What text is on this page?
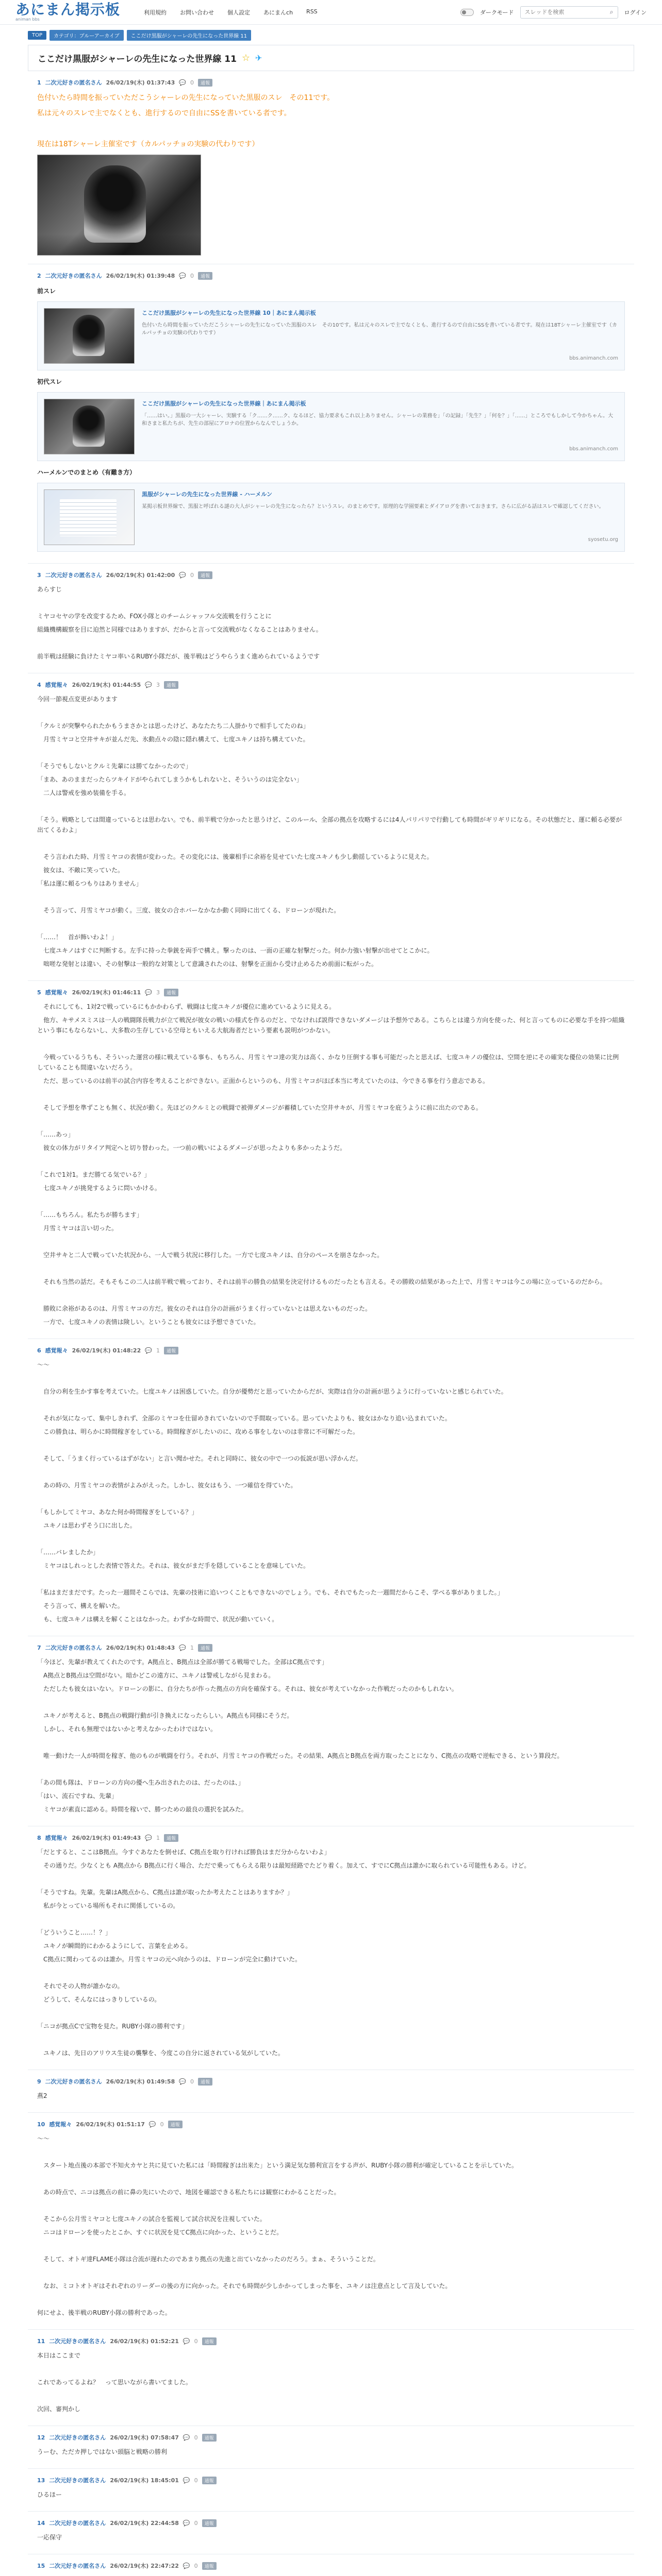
あにまん掲示板
animan bbs
利用規約 お問い合わせ 個人設定 あにまんch RSS	ダークモード
スレッドを検索	⌕ ログイン
TOP	カテゴリ：ブルーアーカイブ	ここだけ黒服がシャーレの先生になった世界線 11
ここだけ黒服がシャーレの先生になった世界線 11 ☆ ✈
1 二次元好きの匿名さん 26/02/19(木) 01:37:43 💬 0	通報

色付いたら時間を振っていただこうシャーレの先生になっていた黒服のスレ　その11です。

私は元々のスレで主でなくとも、進行するので自由にSSを書いている者です。

現在は18Tシャーレ主催室です（カルパッチョの実験の代わりです）

2 二次元好きの匿名さん 26/02/19(木) 01:39:48 💬 0	通報
前スレ
ここだけ黒服がシャーレの先生になった世界線 10｜あにまん掲示板
色付いたら時間を振っていただこうシャーレの先生になっていた黒服のスレ　その10です。私は元々のスレで主でなくとも、進行するので自由にSSを書いている者です。現在は18Tシャーレ主催室です（カルパッチョの実験の代わりです）
bbs.animanch.com
初代スレ
ここだけ黒服がシャーレの先生になった世界線｜あにまん掲示板
「……はい。」黒服の一大シャーレ、実験する「ク……ク……ク、なるほど、協力要求もこれ以上ありません。シャーレの業務を」「の記録」「先生？」「何を？」「……」ところでもしかして今かちゃん。大和さまと私たちが、先生の部屋にアロナの位置からなんでしょうか。
bbs.animanch.com
ハーメルンでのまとめ（有難き方）
黒服がシャーレの先生になった世界線 - ハーメルン
某掲示板世界線で、黒服と呼ばれる謎の大人がシャーレの先生になったら？というスレ。のまとめです。原理的な学園要素とダイアログを書いておきます。さらに広がる話はスレで確認してください。
syosetu.org
3 二次元好きの匿名さん 26/02/19(木) 01:42:00 💬 0	通報

あらすじ

ミヤコセヤの学を改変するため、FOX小隊とのチームシャッフル交流戦を行うことに

組織機構観察を目に迫然と同様ではありますが、だからと言って交流戦がなくなることはありません。

前半戦は経験に負けたミヤコ率いるRUBY小隊だが、後半戦はどうやらうまく進められているようです

4 感覚報々 26/02/19(木) 01:44:55 💬 3	通報

今回一節視点変更があります

「クルミが突撃やられたかもうまさかとは思ったけど、あなたたち二人掛かりで相手してたのね」

　月雪ミヤコと空井サキが並んだ先、氷動点々の陰に隠れ構えて、七度ユキノは持ち構えていた。

「そうでもしないとクルミ先輩には勝てなかったので」

「まあ、あのままだったらツキイドがやられてしまうかもしれないと、そういうのは完全ない」

　二人は警戒を強め装備を手る。

「そう。戦略としては間違っているとは思わない。でも、前半戦で分かったと思うけど、このルール、全部の拠点を攻略するには4人パリパリで行動しても時間がギリギリになる。その状態だと、運に頼る必要が出てくるわよ」

　そう言われた時、月雪ミヤコの表情が変わった。その変化には、後輩相手に余裕を見せていた七度ユキノも少し動揺しているように見えた。

　彼女は、不敵に笑っていた。

「私は運に頼るつもりはありません」

　そう言って、月雪ミヤコが動く。三度、彼女の合ホバーなかなか動く同時に出てくる、ドローンが現れた。

「……！　首が飾いわよ！」

　七度ユキノはすぐに判断する。左手に持った拳銃を両手で構え。撃ったのは、一面の正確な射撃だった。何か力強い射撃が出せてとこかに。

　咄嗟な発射とは違い、その射撃は一般的な対策として意識されたのは、射撃を正面から受け止めるため前面に転がった。

5 感覚報々 26/02/19(木) 01:46:11 💬 3	通報

　それにしても、1対2で戦っているにもかかわらず、戦闘は七度ユキノが優位に進めているように見える。

　他方、キサメスミスは一人の戦闘隊長戦力が立て戦況が彼女の戦いの様式を作るのだと、でなければ説得できないダメージは予想外である。こちらとは違う方向を使った、何と言ってものに必要な手を持つ組織という事にもならないし、大多数の生存している空母ともいえる大航海者だという要素も説明がつかない。

　今戦っているうちも、そういった運営の様に戦えている事も、もちろん、月雪ミヤコ達の実力は高く、かなり圧倒する事も可能だったと思えば、七度ユキノの優位は、空間を逆にその確実な優位の効果に比例していることも間違いないだろう。

　ただ、思っているのは前半の試合内容を考えることができない。正面からというのも、月雪ミヤコがほぼ本当に考えていたのは、今できる事を行う意志である。

　そして予想を準ずことも無く、状況が動く。先ほどのクルミとの戦闘で被弾ダメージが蓄積していた空井サキが、月雪ミヤコを庇うように前に出たのである。

「……あっ」

　彼女の体力がリタイア判定へと切り替わった。一つ前の戦いによるダメージが思ったよりも多かったようだ。

「これで1対1。まだ勝てる気でいる？」

　七度ユキノが挑発するように問いかける。

「……もちろん。私たちが勝ちます」

　月雪ミヤコは言い切った。

　空井サキと二人で戦っていた状況から、一人で戦う状況に移行した。一方で七度ユキノは、自分のペースを崩さなかった。

　それも当然の話だ。そもそもこの二人は前半戦で戦っており、それは前半の勝負の結果を決定付けるものだったとも言える。その勝敗の結果があった上で、月雪ミヤコは今この場に立っているのだから。

　勝敗に余裕があるのは、月雪ミヤコの方だ。彼女のそれは自分の計画がうまく行っていないとは思えないものだった。

　一方で、七度ユキノの表情は険しい。ということも彼女には予想できていた。

6 感覚報々 26/02/19(木) 01:48:22 💬 1	通報

～～

　自分の利を生かす事を考えていた。七度ユキノは困惑していた。自分が優勢だと思っていたからだが、実際は自分の計画が思うように行っていないと感じられていた。

　それが気になって、集中しきれず、全部のミヤコを仕留めきれていないので手間取っている。思っていたよりも、彼女はかなり追い込まれていた。

　この勝負は、明らかに時間稼ぎをしている。時間稼ぎがしたいのに、攻める事をしないのは非常に不可解だった。

　そして、「うまく行っているはずがない」と言い聞かせた。それと同時に、彼女の中で一つの仮説が思い浮かんだ。

　あの時の、月雪ミヤコの表情がよみがえった。しかし、彼女はもう、一つ確信を得ていた。

「もしかしてミヤコ、あなた何か時間稼ぎをしている？」

　ユキノは思わずそう口に出した。

「……バレましたか」

　ミヤコはしれっとした表情で答えた。それは、彼女がまだ手を隠していることを意味していた。

「私はまだまだです。たった一週間そこらでは、先輩の技術に追いつくこともできないのでしょう。でも、それでもたった一週間だからこそ、学べる事がありました。」

　そう言って、構えを解いた。

　も、七度ユキノは構えを解くことはなかった。わずかな時間で、状況が動いていく。

7 二次元好きの匿名さん 26/02/19(木) 01:48:43 💬 1	通報

「今ほど、先輩が教えてくれたのです。A拠点と、B拠点は全部が勝てる戦場でした。全部はC拠点です」

　A拠点とB拠点は空間がない。暗かどこの遠方に、ユキノは警戒しながら見まわる。

　ただしたも彼女はいない。ドローンの影に、自分たちが作った拠点の方向を確保する。それは、彼女が考えていなかった作戦だったのかもしれない。

　ユキノが考えると、B拠点の戦闘行動が引き換えになったらしい。A拠点も同様にそうだ。

　しかし、それも無理ではないかと考えなかったわけではない。

　唯一動けた一人が時間を稼ぎ、他のものが戦闘を行う。それが、月雪ミヤコの作戦だった。その結果、A拠点とB拠点を両方取ったことになり、C拠点の攻略で逆転できる、という算段だ。

「あの間も隊は、ドローンの方向の優へ生み出されたのは、だったのは、」

「はい、流石ですね、先輩」

　ミヤコが素直に認める。時間を稼いで、勝つための最良の選択を試みた。

8 感覚報々 26/02/19(木) 01:49:43 💬 1	通報

「だとすると、ここはB拠点。今すぐあなたを倒せば、C拠点を取り行ければ勝負はまだ分からないわよ」

　その通りだ。少なくとも A拠点から B拠点に行く場合、ただで乗ってもらえる限りは最短経路でたどり着く。加えて、すでにC拠点は誰かに取られている可能性もある。けど。

「そうですね。先輩。先輩はA拠点から、C拠点は誰が取ったか考えたことはありますか？」

　私が今とっている場所もそれに関係しているの。

「どういうこと……！？」

　ユキノが瞬間的にわかるようにして、言葉を止める。

　C拠点に関わってるのは誰か。月雪ミヤコの元へ向かうのは、ドローンが完全に動けていた。

　それでその人物が誰かなの。

　どうして、そんなにはっきりしているの。

「ニコが拠点Cで宝物を見た。RUBY小隊の勝利です」

　ユキノは、先日のアリウス生徒の襲撃を、今度この自分に返されている気がしていた。

9 二次元好きの匿名さん 26/02/19(木) 01:49:58 💬 0	通報

燕2

10 感覚報々 26/02/19(木) 01:51:17 💬 0	通報

～～

　スタート地点後の本部で不知火カヤと共に見ていた私には「時間稼ぎは出来た」という満足気な勝利宣言をする声が、RUBY小隊の勝利が確定していることを示していた。

　あの時点で、ニコは拠点の前に鼻の先にいたので、地図を確認できる私たちには観察にわかることだった。

　そこから公月雪ミヤコと七度ユキノの試合を監視して試合状況を注視していた。

　ニコはドローンを使ったとこか、すぐに状況を見てC拠点に向かった、ということだ。

　そして、オトギ達FLAME小隊は合流が遅れたのであまり拠点の先進と出ていなかったのだろう。まぁ、そういうことだ。

　なお、ミコトオトギはそれぞれのリーダーの後の方に向かった。それでも時間が少しかかってしまった事を、ユキノは注意点として言及していた。

何にせよ、後半戦のRUBY小隊の勝利であった。

11 二次元好きの匿名さん 26/02/19(木) 01:52:21 💬 0	通報

本日はここまで

これであってるよね？　って思いながら書いてました。

次回、審判かし

12 二次元好きの匿名さん 26/02/19(木) 07:58:47 💬 0	通報

うーむ、ただカ押しではない頭脳と戦略の勝利

13 二次元好きの匿名さん 26/02/19(木) 18:45:01 💬 0	通報

ひるほー

14 二次元好きの匿名さん 26/02/19(木) 22:44:58 💬 0	通報

一応保守

15 二次元好きの匿名さん 26/02/19(木) 22:47:22 💬 0	通報
